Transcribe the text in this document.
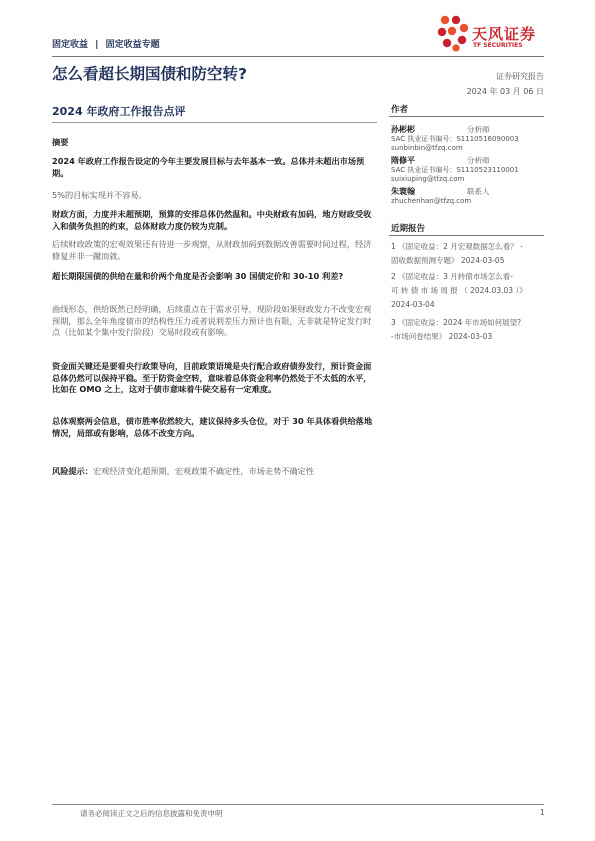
固定收益 | 固定收益专题
天风证券
TF SECURITIES
怎么看超长期国债和防空转?	证券研究报告
2024 年 03 月 06 日
2024 年政府工作报告点评
摘要
2024 年政府工作报告设定的今年主要发展目标与去年基本一致。总体并未超出市场预期。
5%的目标实现并不容易。
财政方面，力度并未超预期，预算的安排总体仍然温和。中央财政有加码，地方财政受收入和债务负担的约束，总体财政力度仍较为克制。
后续财政政策的宏观效果还有待进一步观察，从财政加码到数据改善需要时间过程，经济修复并非一蹴而就。
超长期限国债的供给在量和价两个角度是否会影响 30 国债定价和 30-10 利差?
曲线形态，供给既然已经明确，后续重点在于需求引导，现阶段如果财政发力不改变宏观预期，那么全年角度债市的结构性压力或者说利差压力预计也有限，无非就是特定发行时点（比如某个集中发行阶段）交易时段或有影响。
资金面关键还是要看央行政策导向，目前政策语境是央行配合政府债券发行，预计资金面总体仍然可以保持平稳。至于防资金空转，意味着总体资金利率仍然处于不太低的水平，比如在 OMO 之上，这对于债市意味着牛陡交易有一定难度。
总体观察两会信息，债市胜率依然较大，建议保持多头仓位，对于 30 年具体看供给落地情况，局部或有影响，总体不改变方向。
风险提示：宏观经济变化超预期，宏观政策不确定性，市场走势不确定性
作者
孙彬彬	分析师
SAC 执业证书编号：S1110516090003
sunbinbin@tfzq.com
隋修平	分析师
SAC 执业证书编号：S1110523110001
suixiuping@tfzq.com
朱寰翰	联系人
zhuchenhan@tfzq.com
近期报告
1 《固定收益：2 月宏观数据怎么看？ -
固收数据预测专题》 2024-03-05
2 《固定收益：3 月转债市场怎么看-
可 转 债 市 场 周 报 （ 2024.03.03 ）》
2024-03-04
3 《固定收益：2024 年市场如何展望?
-市场问卷结果》 2024-03-03
请务必阅读正文之后的信息披露和免责申明	1
